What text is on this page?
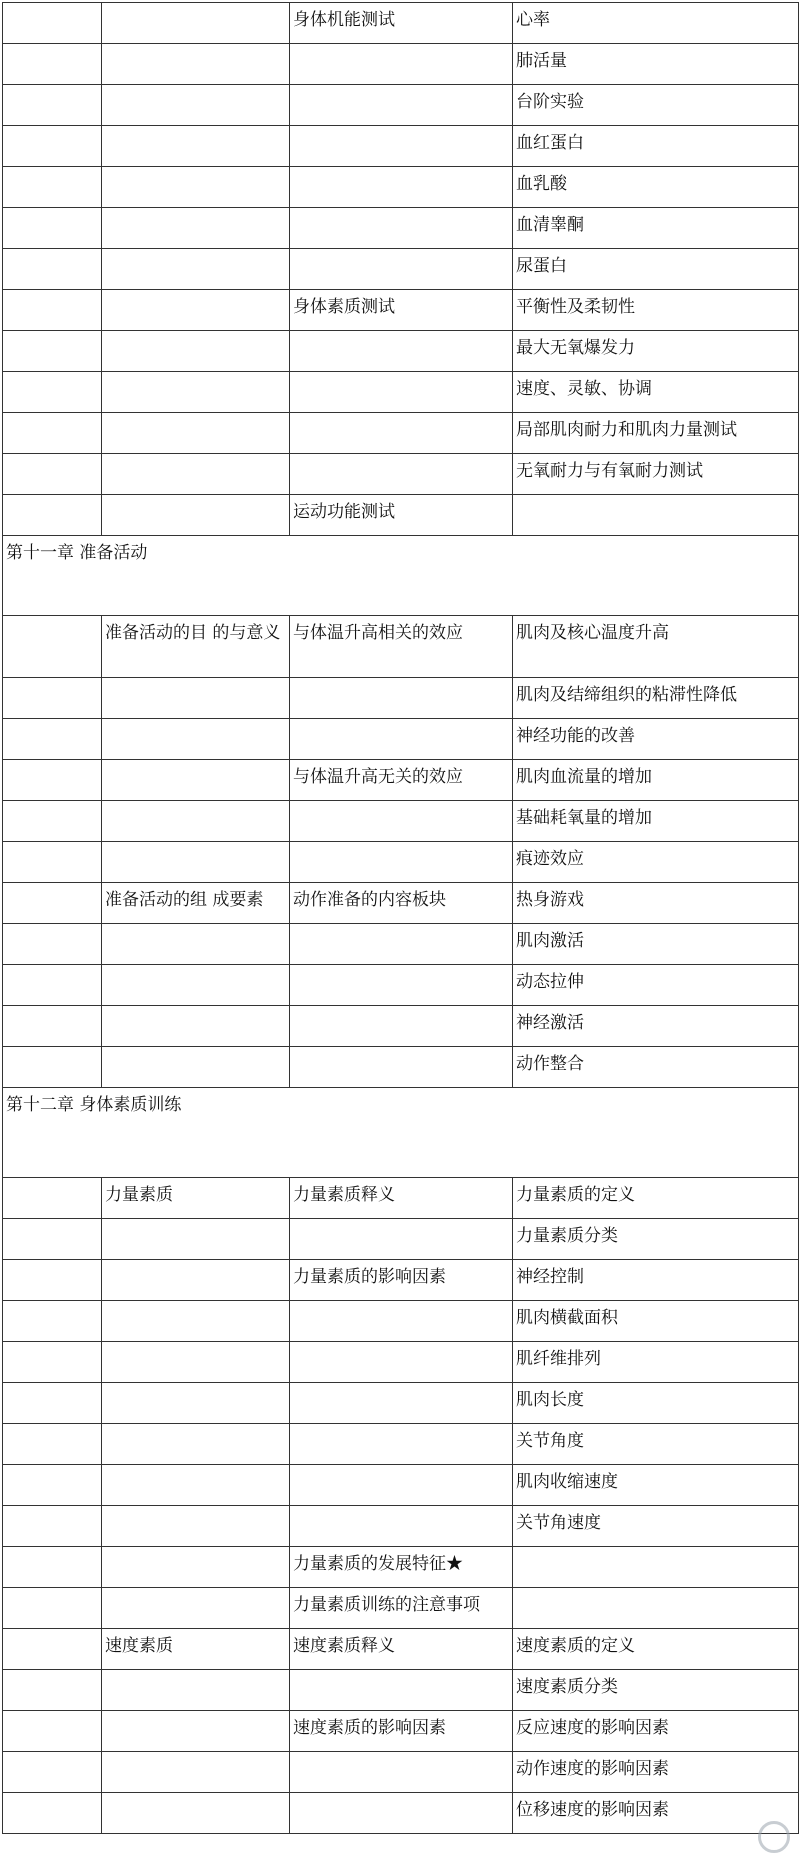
		身体机能测试	心率
			肺活量
			台阶实验
			血红蛋白
			血乳酸
			血清睾酮
			尿蛋白
		身体素质测试	平衡性及柔韧性
			最大无氧爆发力
			速度、灵敏、协调
			局部肌肉耐力和肌肉力量测试
			无氧耐力与有氧耐力测试
		运动功能测试	
第十一章 准备活动			
	准备活动的目 的与意义	与体温升高相关的效应	肌肉及核心温度升高
			肌肉及结缔组织的粘滞性降低
			神经功能的改善
		与体温升高无关的效应	肌肉血流量的增加
			基础耗氧量的增加
			痕迹效应
	准备活动的组 成要素	动作准备的内容板块	热身游戏
			肌肉激活
			动态拉伸
			神经激活
			动作整合
第十二章 身体素质训练			
	力量素质	力量素质释义	力量素质的定义
			力量素质分类
		力量素质的影响因素	神经控制
			肌肉横截面积
			肌纤维排列
			肌肉长度
			关节角度
			肌肉收缩速度
			关节角速度
		力量素质的发展特征★	
		力量素质训练的注意事项	
	速度素质	速度素质释义	速度素质的定义
			速度素质分类
		速度素质的影响因素	反应速度的影响因素
			动作速度的影响因素
			位移速度的影响因素
